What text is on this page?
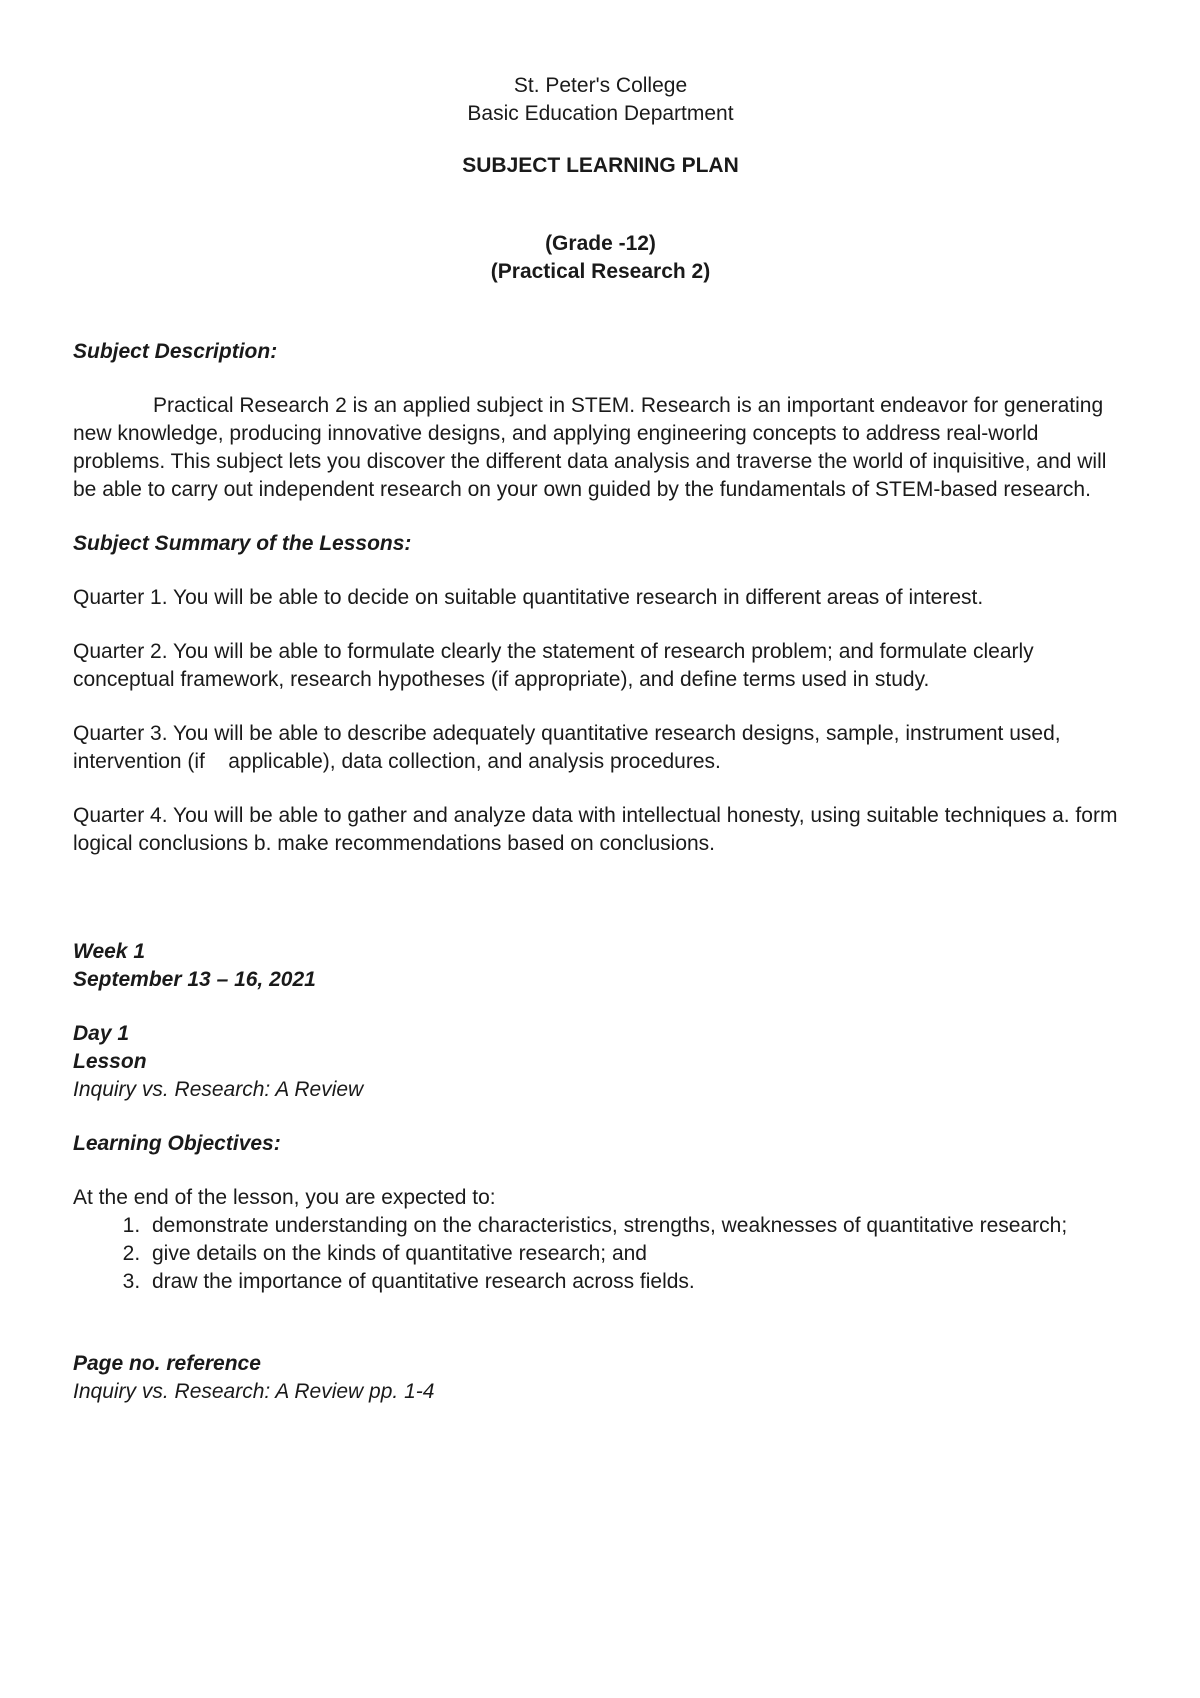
St. Peter's College

Basic Education Department

SUBJECT LEARNING PLAN

(Grade -12)

(Practical Research 2)

Subject Description:

Practical Research 2 is an applied subject in STEM. Research is an important endeavor for generating new knowledge, producing innovative designs, and applying engineering concepts to address real-world problems. This subject lets you discover the different data analysis and traverse the world of inquisitive, and will be able to carry out independent research on your own guided by the fundamentals of STEM-based research.

Subject Summary of the Lessons:

Quarter 1. You will be able to decide on suitable quantitative research in different areas of interest.

Quarter 2. You will be able to formulate clearly the statement of research problem; and formulate clearly conceptual framework, research hypotheses (if appropriate), and define terms used in study.

Quarter 3. You will be able to describe adequately quantitative research designs, sample, instrument used, intervention (if    applicable), data collection, and analysis procedures.

Quarter 4. You will be able to gather and analyze data with intellectual honesty, using suitable techniques a. form logical conclusions b. make recommendations based on conclusions.

Week 1

September 13 – 16, 2021

Day 1

Lesson

Inquiry vs. Research: A Review

Learning Objectives:

At the end of the lesson, you are expected to:

1. demonstrate understanding on the characteristics, strengths, weaknesses of quantitative research;
2. give details on the kinds of quantitative research; and
3. draw the importance of quantitative research across fields.

Page no. reference

Inquiry vs. Research: A Review pp. 1-4
